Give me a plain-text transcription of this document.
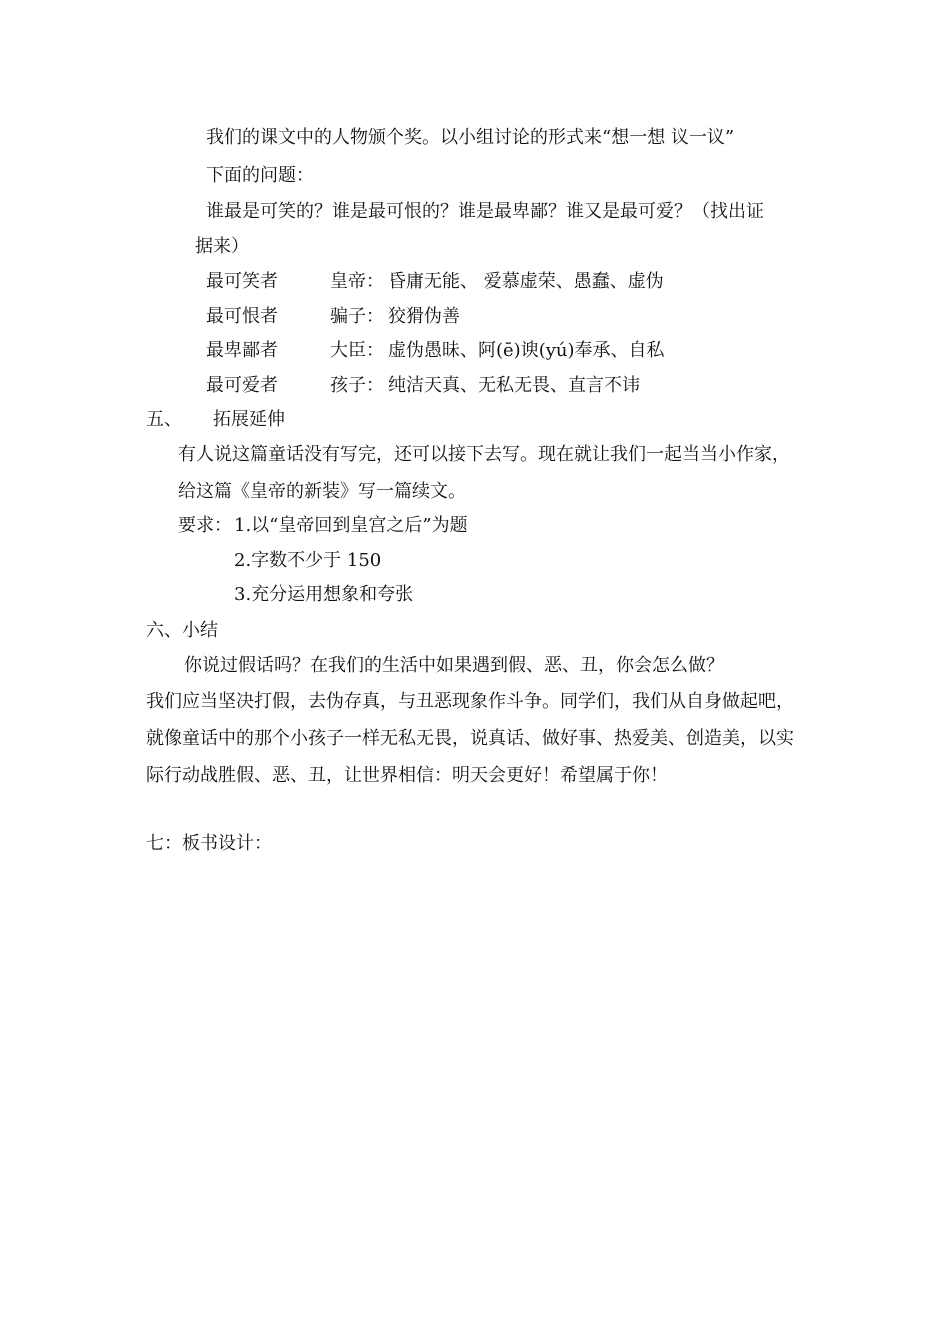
我们的课文中的人物颁个奖。以小组讨论的形式来“想一想 议一议”
下面的问题：
谁最是可笑的？谁是最可恨的？谁是最卑鄙？谁又是最可爱？（找出证
据来）
最可笑者	皇帝： 昏庸无能、 爱慕虚荣、愚蠢、虚伪
最可恨者	骗子： 狡猾伪善
最卑鄙者	大臣： 虚伪愚昧、阿(ē)谀(yú)奉承、自私
最可爱者	孩子： 纯洁天真、无私无畏、直言不讳
五、 拓展延伸
有人说这篇童话没有写完，还可以接下去写。现在就让我们一起当当小作家，
给这篇《皇帝的新装》写一篇续文。
要求： 1.以“皇帝回到皇宫之后”为题
2.字数不少于 150
3.充分运用想象和夸张
六、小结
你说过假话吗？在我们的生活中如果遇到假、恶、丑，你会怎么做？
我们应当坚决打假，去伪存真，与丑恶现象作斗争。同学们，我们从自身做起吧，
就像童话中的那个小孩子一样无私无畏，说真话、做好事、热爱美、创造美，以实
际行动战胜假、恶、丑，让世界相信：明天会更好！希望属于你！
七：板书设计：
